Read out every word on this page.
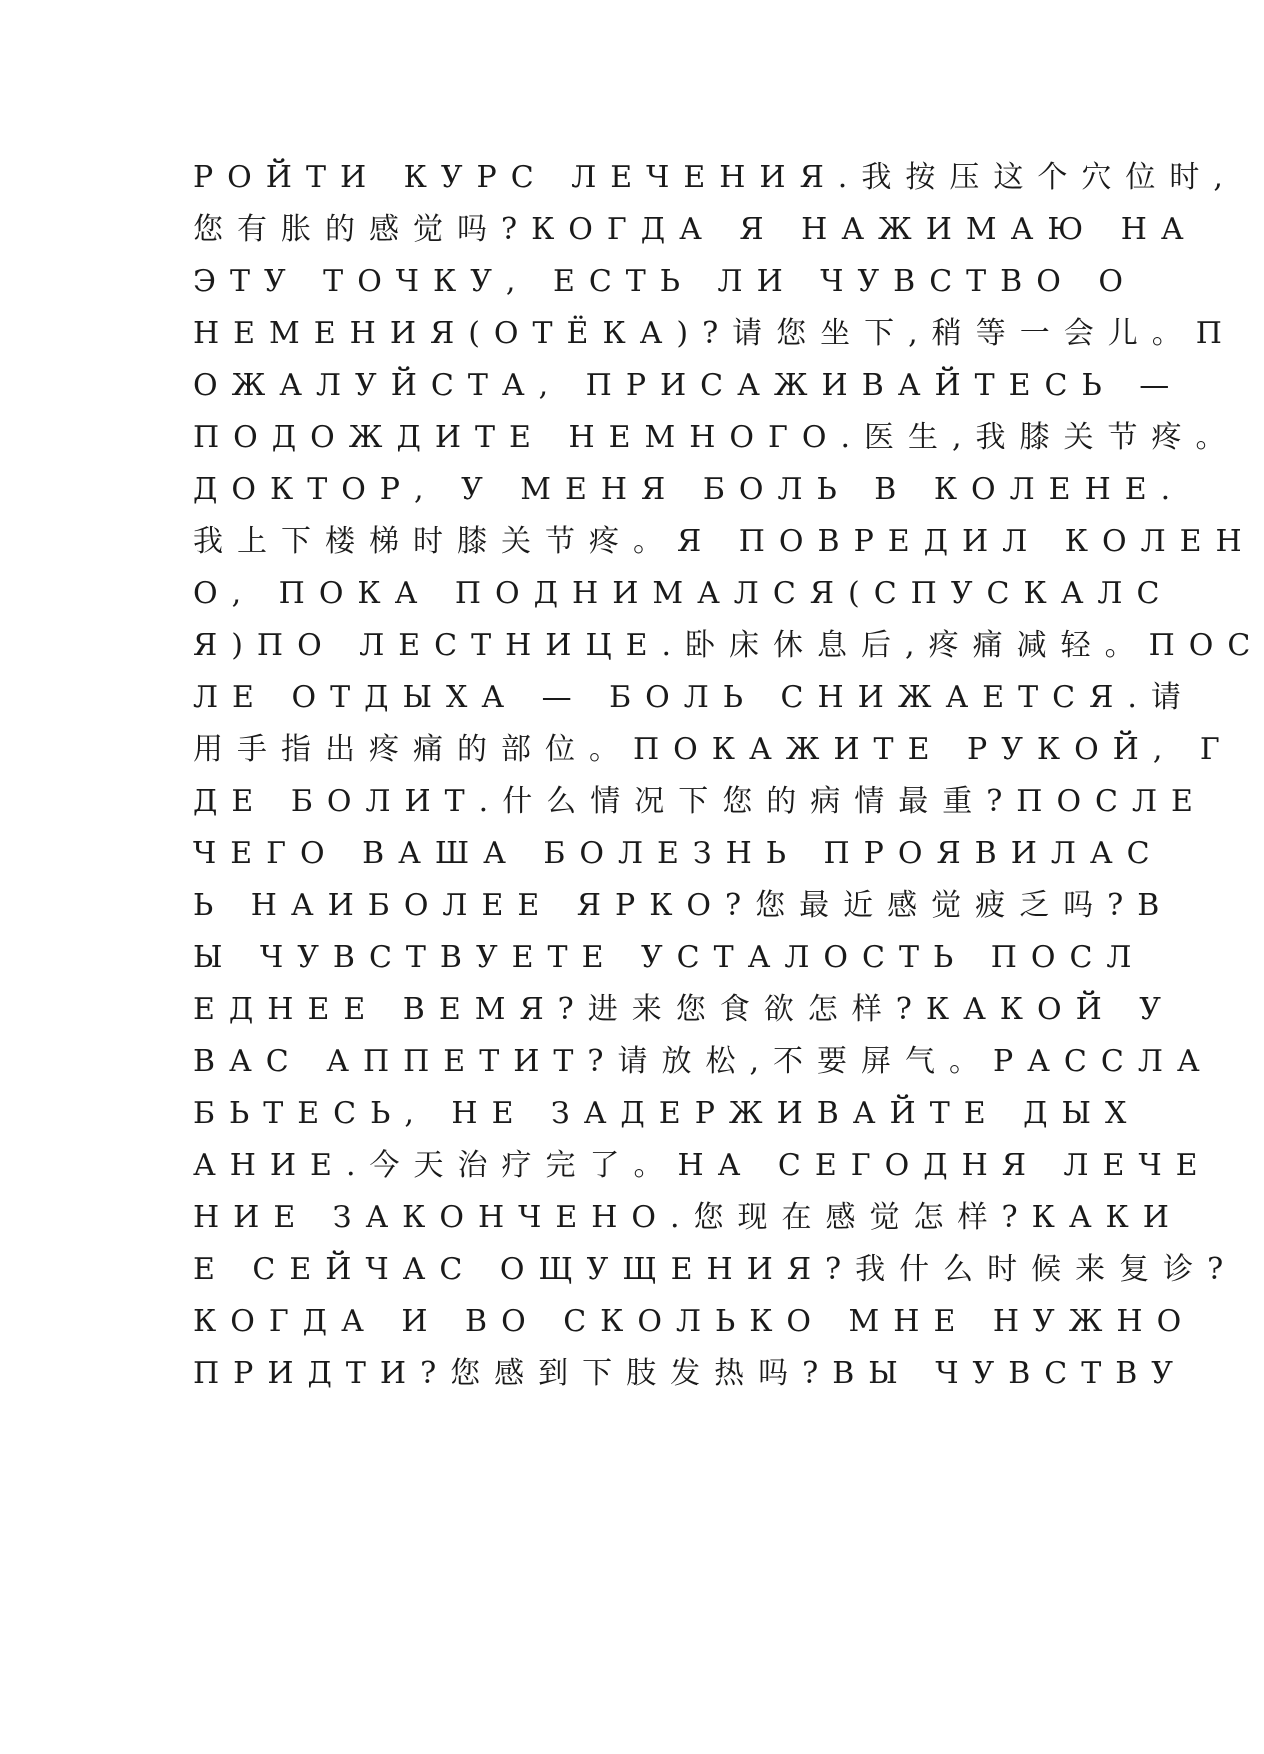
РОЙТИ КУРС ЛЕЧЕНИЯ.我按压这个穴位时,
您有胀的感觉吗?КОГДА Я НАЖИМАЮ НА
ЭТУ ТОЧКУ, ЕСТЬ ЛИ ЧУВСТВО О
НЕМЕНИЯ(ОТЁКА)?请您坐下,稍等一会儿。П
ОЖАЛУЙСТА, ПРИСАЖИВАЙТЕСЬ —
ПОДОЖДИТЕ НЕМНОГО.医生,我膝关节疼。
ДОКТОР, У МЕНЯ БОЛЬ В КОЛЕНЕ.
我上下楼梯时膝关节疼。Я ПОВРЕДИЛ КОЛЕН
О, ПОКА ПОДНИМАЛСЯ(СПУСКАЛС
Я)ПО ЛЕСТНИЦЕ.卧床休息后,疼痛减轻。ПОС
ЛЕ ОТДЫХА — БОЛЬ СНИЖАЕТСЯ.请
用手指出疼痛的部位。ПОКАЖИТЕ РУКОЙ, Г
ДЕ БОЛИТ.什么情况下您的病情最重?ПОСЛЕ
ЧЕГО ВАША БОЛЕЗНЬ ПРОЯВИЛАС
Ь НАИБОЛЕЕ ЯРКО?您最近感觉疲乏吗?В
Ы ЧУВСТВУЕТЕ УСТАЛОСТЬ ПОСЛ
ЕДНЕЕ ВЕМЯ?进来您食欲怎样?КАКОЙ У
ВАС АППЕТИТ?请放松,不要屏气。РАССЛА
БЬТЕСЬ, НЕ ЗАДЕРЖИВАЙТЕ ДЫХ
АНИЕ.今天治疗完了。НА СЕГОДНЯ ЛЕЧЕ
НИЕ ЗАКОНЧЕНО.您现在感觉怎样?КАКИ
Е СЕЙЧАС ОЩУЩЕНИЯ?我什么时候来复诊?
КОГДА И ВО СКОЛЬКО МНЕ НУЖНО
ПРИДТИ?您感到下肢发热吗?ВЫ ЧУВСТВУ
